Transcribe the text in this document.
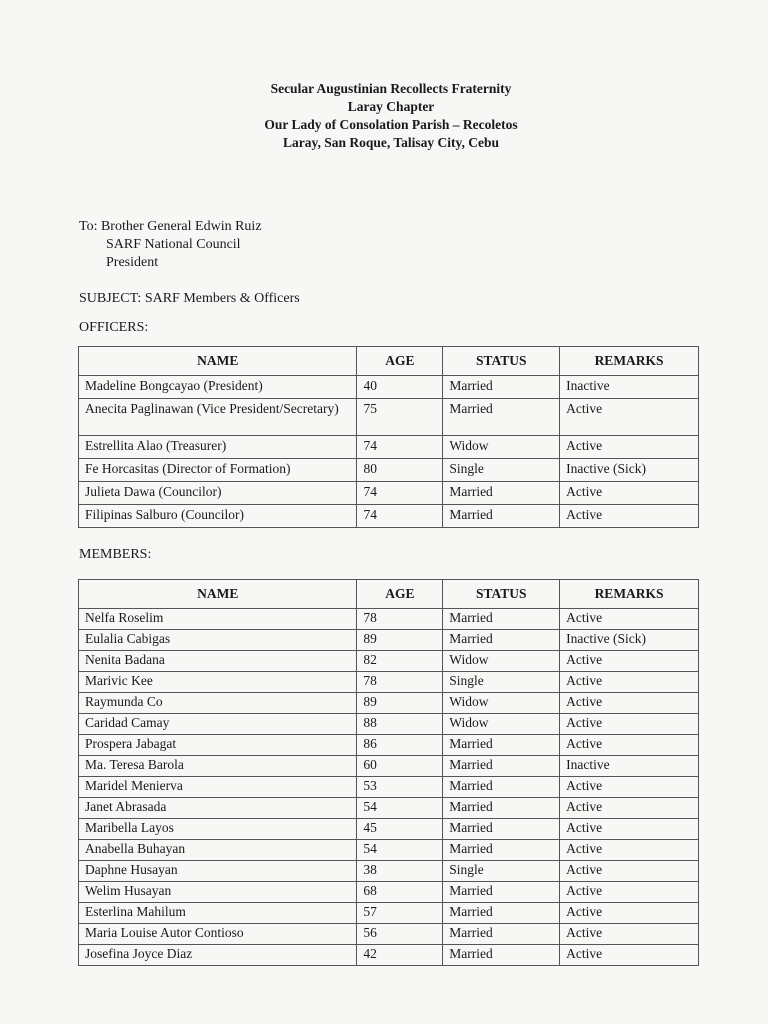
Secular Augustinian Recollects Fraternity
Laray Chapter
Our Lady of Consolation Parish – Recoletos
Laray, San Roque, Talisay City, Cebu
To: Brother General Edwin Ruiz
SARF National Council
President
SUBJECT: SARF Members & Officers
OFFICERS:
NAME	AGE	STATUS	REMARKS
Madeline Bongcayao (President)	40	Married	Inactive
Anecita Paglinawan (Vice President/Secretary)	75	Married	Active
Estrellita Alao (Treasurer)	74	Widow	Active
Fe Horcasitas (Director of Formation)	80	Single	Inactive (Sick)
Julieta Dawa (Councilor)	74	Married	Active
Filipinas Salburo (Councilor)	74	Married	Active
MEMBERS:
NAME	AGE	STATUS	REMARKS
Nelfa Roselim	78	Married	Active
Eulalia Cabigas	89	Married	Inactive (Sick)
Nenita Badana	82	Widow	Active
Marivic Kee	78	Single	Active
Raymunda Co	89	Widow	Active
Caridad Camay	88	Widow	Active
Prospera Jabagat	86	Married	Active
Ma. Teresa Barola	60	Married	Inactive
Maridel Menierva	53	Married	Active
Janet Abrasada	54	Married	Active
Maribella Layos	45	Married	Active
Anabella Buhayan	54	Married	Active
Daphne Husayan	38	Single	Active
Welim Husayan	68	Married	Active
Esterlina Mahilum	57	Married	Active
Maria Louise Autor Contioso	56	Married	Active
Josefina Joyce Diaz	42	Married	Active
